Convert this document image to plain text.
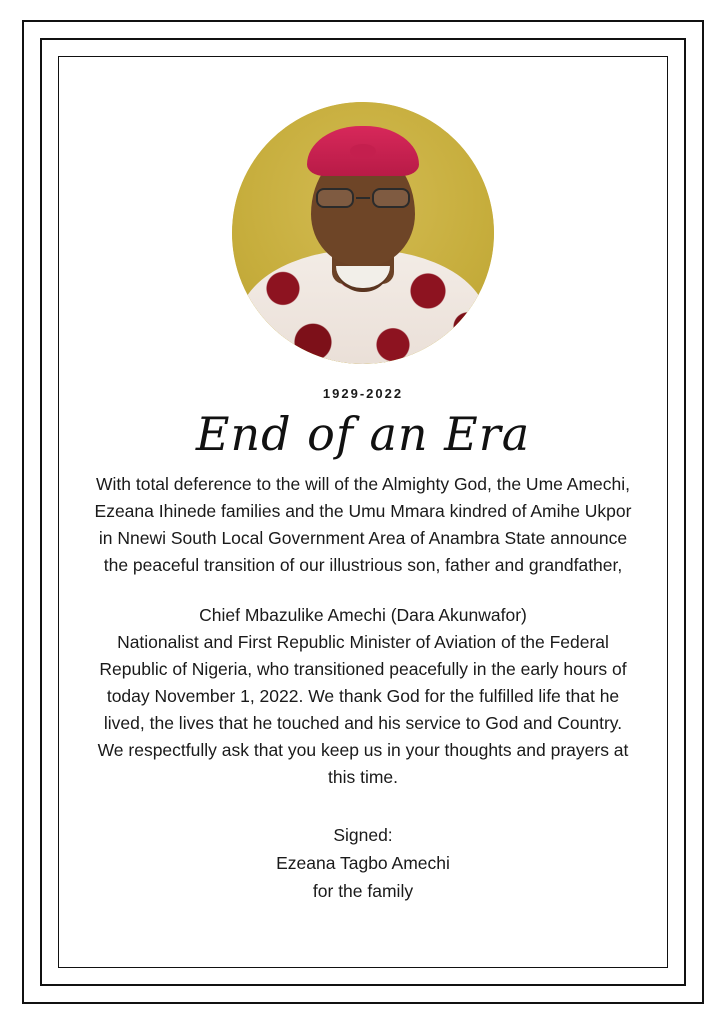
1929-2022
End of an Era

With total deference to the will of the Almighty God, the Ume Amechi, Ezeana Ihinede families and the Umu Mmara kindred of Amihe Ukpor in Nnewi South Local Government Area of Anambra State announce the peaceful transition of our illustrious son, father and grandfather,

Chief Mbazulike Amechi (Dara Akunwafor)

Nationalist and First Republic Minister of Aviation of the Federal Republic of Nigeria, who transitioned peacefully in the early hours of today November 1, 2022. We thank God for the fulfilled life that he lived, the lives that he touched and his service to God and Country. We respectfully ask that you keep us in your thoughts and prayers at this time.

Signed:
Ezeana Tagbo Amechi
for the family
